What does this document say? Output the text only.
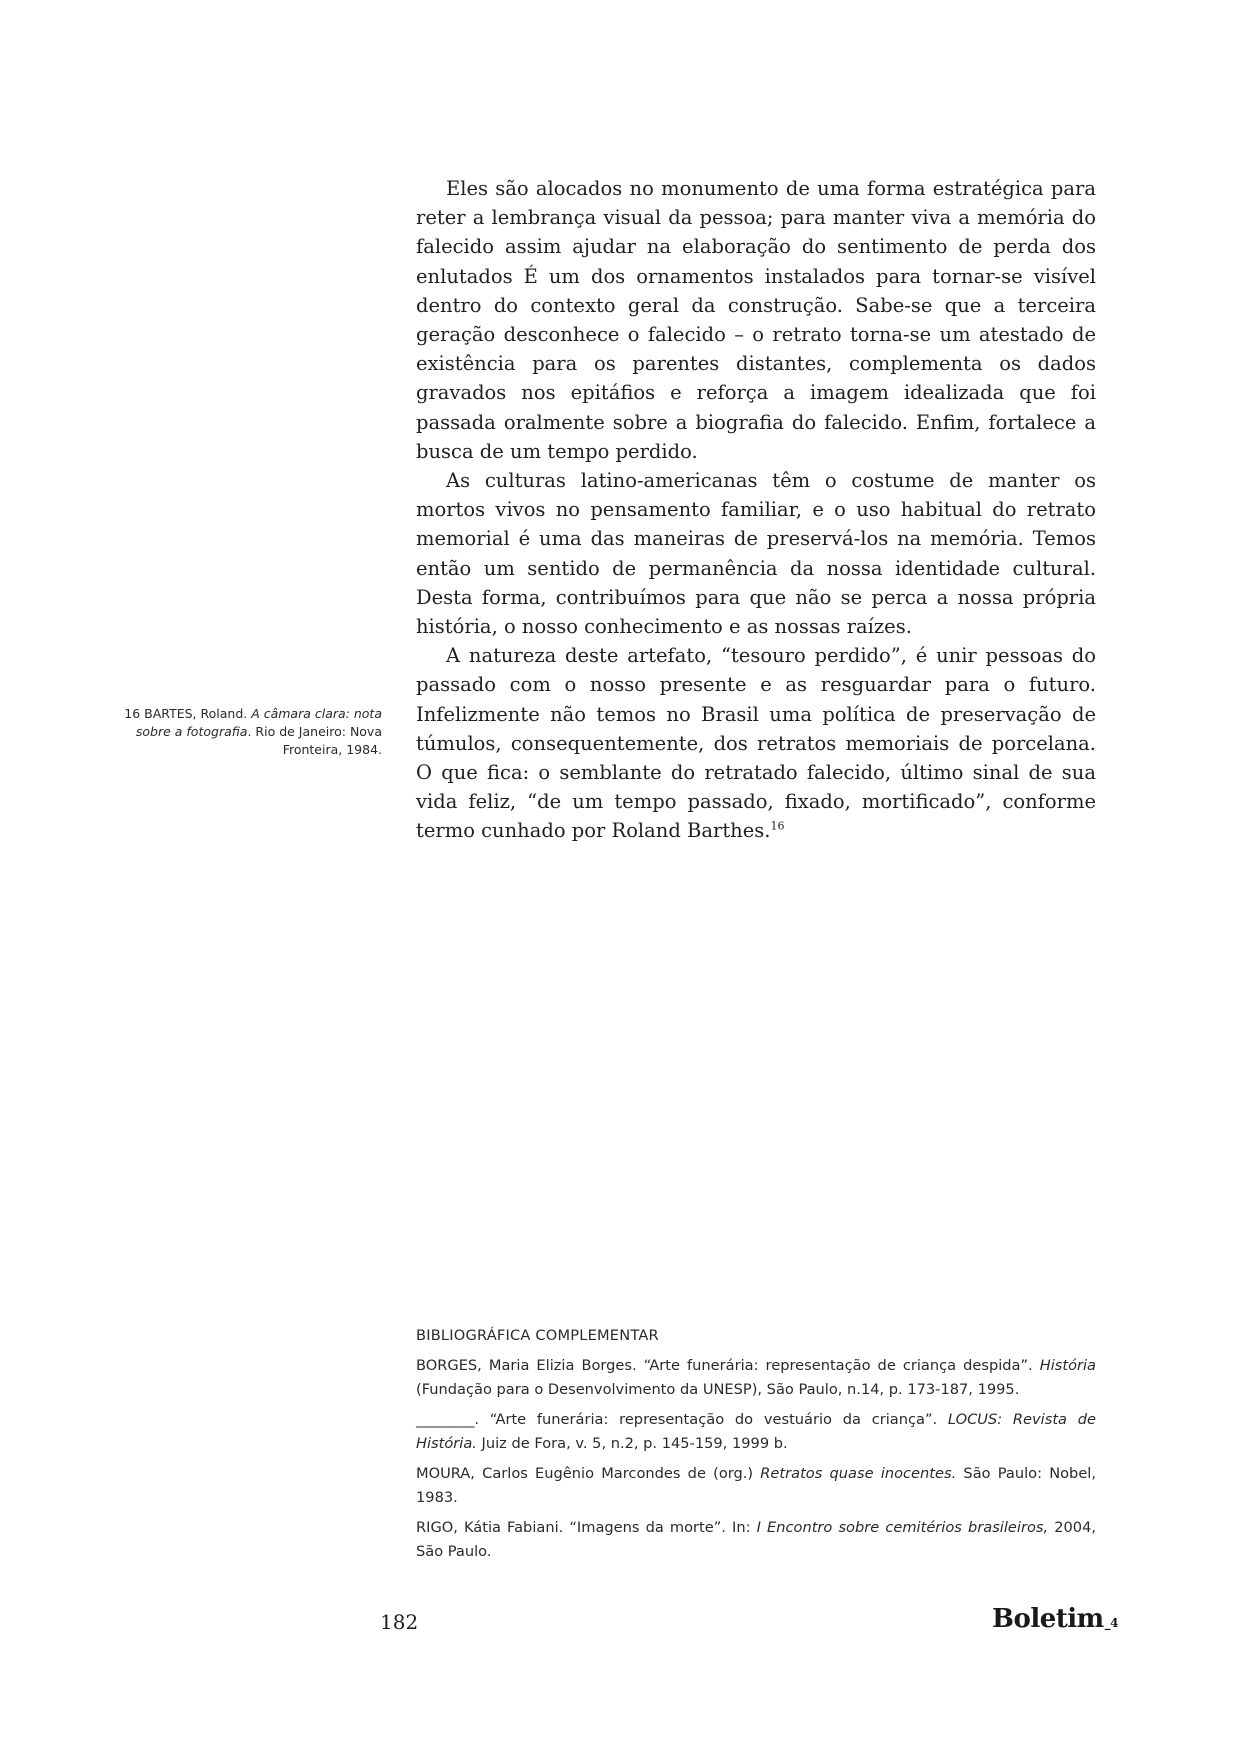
Eles são alocados no monumento de uma forma estratégica para reter a lembrança visual da pessoa; para manter viva a memória do falecido assim ajudar na elaboração do sentimento de perda dos enlutados É um dos ornamentos instalados para tornar-se visível dentro do contexto geral da construção. Sabe-se que a terceira geração desconhece o falecido – o retrato torna-se um atestado de existência para os parentes distantes, complementa os dados gravados nos epitáfios e reforça a imagem idealizada que foi passada oralmente sobre a biografia do falecido. Enfim, fortalece a busca de um tempo perdido.

As culturas latino-americanas têm o costume de manter os mortos vivos no pensamento familiar, e o uso habitual do retrato memorial é uma das maneiras de preservá-los na memória. Temos então um sentido de permanência da nossa identidade cultural. Desta forma, contribuímos para que não se perca a nossa própria história, o nosso conhecimento e as nossas raízes.

A natureza deste artefato, “tesouro perdido”, é unir pessoas do passado com o nosso presente e as resguardar para o futuro. Infelizmente não temos no Brasil uma política de preservação de túmulos, consequentemente, dos retratos memoriais de porcelana. O que fica: o semblante do retratado falecido, último sinal de sua vida feliz, “de um tempo passado, fixado, mortificado”, conforme termo cunhado por Roland Barthes.$^{16}$

16 BARTES, Roland. A câmara clara: nota sobre a fotografia. Rio de Janeiro: Nova Fronteira, 1984.

BIBLIOGRÁFICA COMPLEMENTAR

BORGES, Maria Elizia Borges. “Arte funerária: representação de criança despida”. História (Fundação para o Desenvolvimento da UNESP), São Paulo, n.14, p. 173-187, 1995.

________. “Arte funerária: representação do vestuário da criança”. LOCUS: Revista de História. Juiz de Fora, v. 5, n.2, p. 145-159, 1999 b.

MOURA, Carlos Eugênio Marcondes de (org.) Retratos quase inocentes. São Paulo: Nobel, 1983.

RIGO, Kátia Fabiani. “Imagens da morte”. In: I Encontro sobre cemitérios brasileiros, 2004, São Paulo.

182	Boletim_4
